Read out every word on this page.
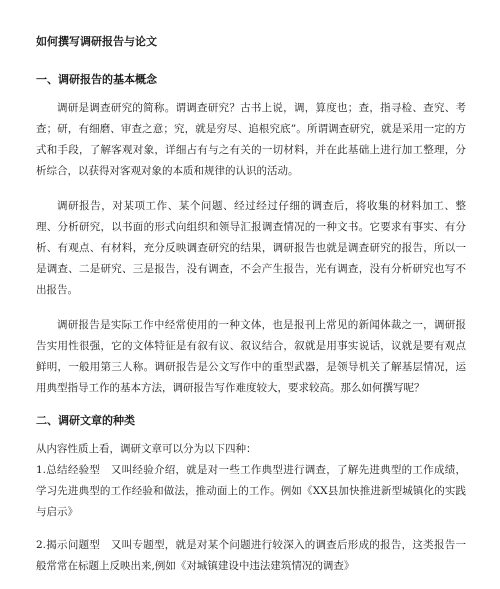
如何撰写调研报告与论文
一、调研报告的基本概念

调研是调查研究的简称。谓调查研究？古书上说，调，算度也；查，指寻检、查究、考查；研，有细磨、审查之意；究，就是穷尽、追根究底”。所谓调查研究，就是采用一定的方式和手段，了解客观对象，详细占有与之有关的一切材料，并在此基础上进行加工整理，分析综合，以获得对客观对象的本质和规律的认识的活动。

调研报告，对某项工作、某个问题、经过经过仔细的调查后，将收集的材料加工、整理、分析研究，以书面的形式向组织和领导汇报调查情况的一种文书。它要求有事实、有分析、有观点、有材料，充分反映调查研究的结果，调研报告也就是调查研究的报告，所以一是调查、二是研究、三是报告，没有调查，不会产生报告，光有调查，没有分析研究也写不出报告。

调研报告是实际工作中经常使用的一种文体，也是报刊上常见的新闻体裁之一，调研报告实用性很强，它的文体特征是有叙有议、叙议结合，叙就是用事实说话，议就是要有观点鲜明，一般用第三人称。调研报告是公文写作中的重型武器，是领导机关了解基层情况，运用典型指导工作的基本方法，调研报告写作难度较大，要求较高。那么如何撰写呢？

二、调研文章的种类

从内容性质上看，调研文章可以分为以下四种：

1.总结经验型　又叫经验介绍，就是对一些工作典型进行调查，了解先进典型的工作成绩，学习先进典型的工作经验和做法，推动面上的工作。例如《XX县加快推进新型城镇化的实践与启示》

2.揭示问题型　又叫专题型，就是对某个问题进行较深入的调查后形成的报告，这类报告一般常常在标题上反映出来,例如《对城镇建设中违法建筑情况的调查》
